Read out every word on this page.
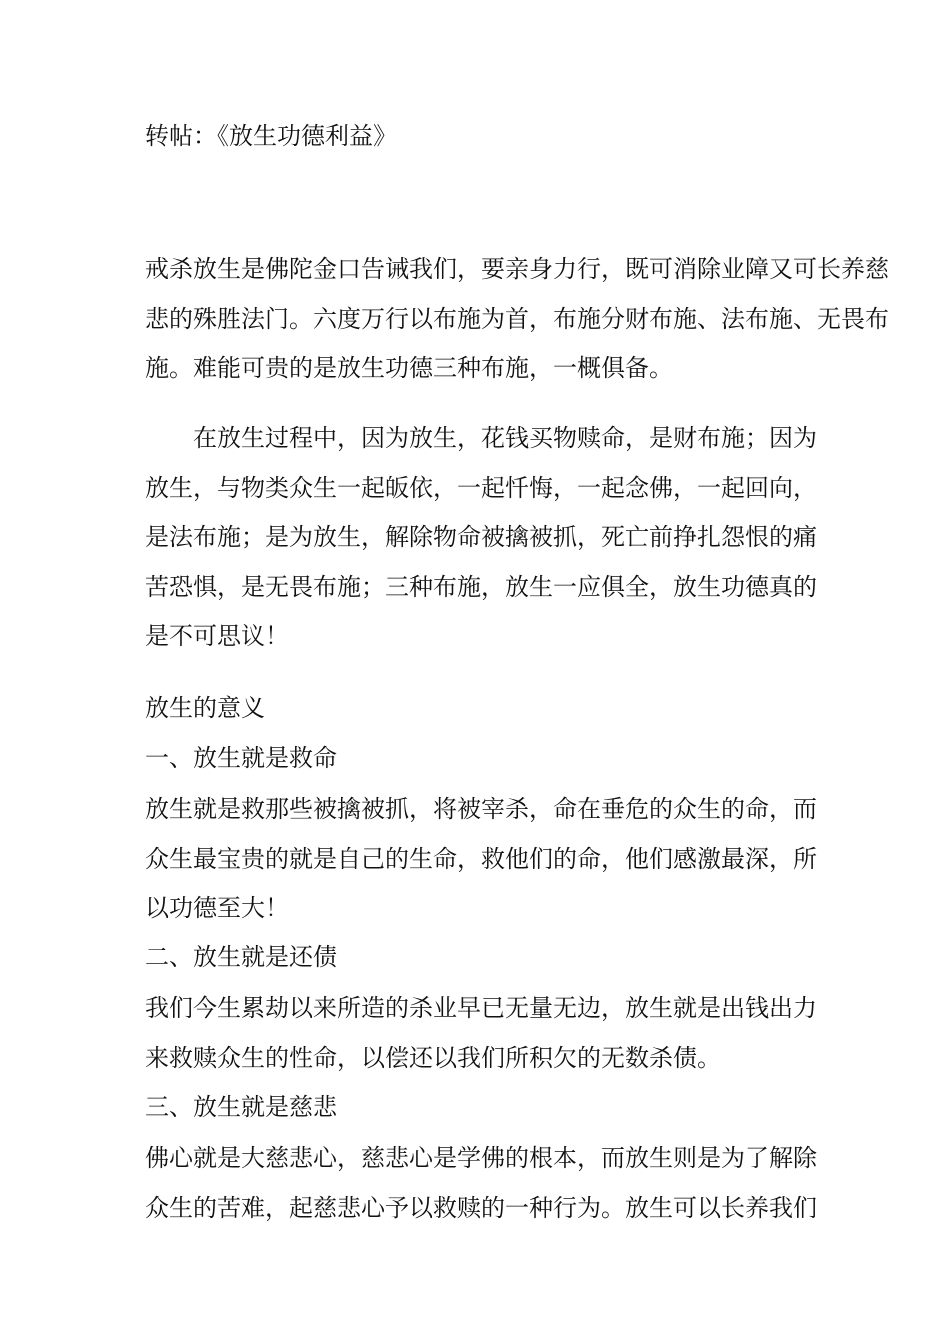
转帖：《放生功德利益》
戒杀放生是佛陀金口告诫我们，要亲身力行，既可消除业障又可长养慈
悲的殊胜法门。六度万行以布施为首，布施分财布施、法布施、无畏布
施。难能可贵的是放生功德三种布施，一概俱备。
在放生过程中，因为放生，花钱买物赎命，是财布施；因为
放生，与物类众生一起皈依，一起忏悔，一起念佛，一起回向，
是法布施；是为放生，解除物命被擒被抓，死亡前挣扎怨恨的痛
苦恐惧，是无畏布施；三种布施，放生一应俱全，放生功德真的
是不可思议！
放生的意义
一、放生就是救命
放生就是救那些被擒被抓，将被宰杀，命在垂危的众生的命，而
众生最宝贵的就是自己的生命，救他们的命，他们感激最深，所
以功德至大！
二、放生就是还债
我们今生累劫以来所造的杀业早已无量无边，放生就是出钱出力
来救赎众生的性命，以偿还以我们所积欠的无数杀债。
三、放生就是慈悲
佛心就是大慈悲心，慈悲心是学佛的根本，而放生则是为了解除
众生的苦难，起慈悲心予以救赎的一种行为。放生可以长养我们
